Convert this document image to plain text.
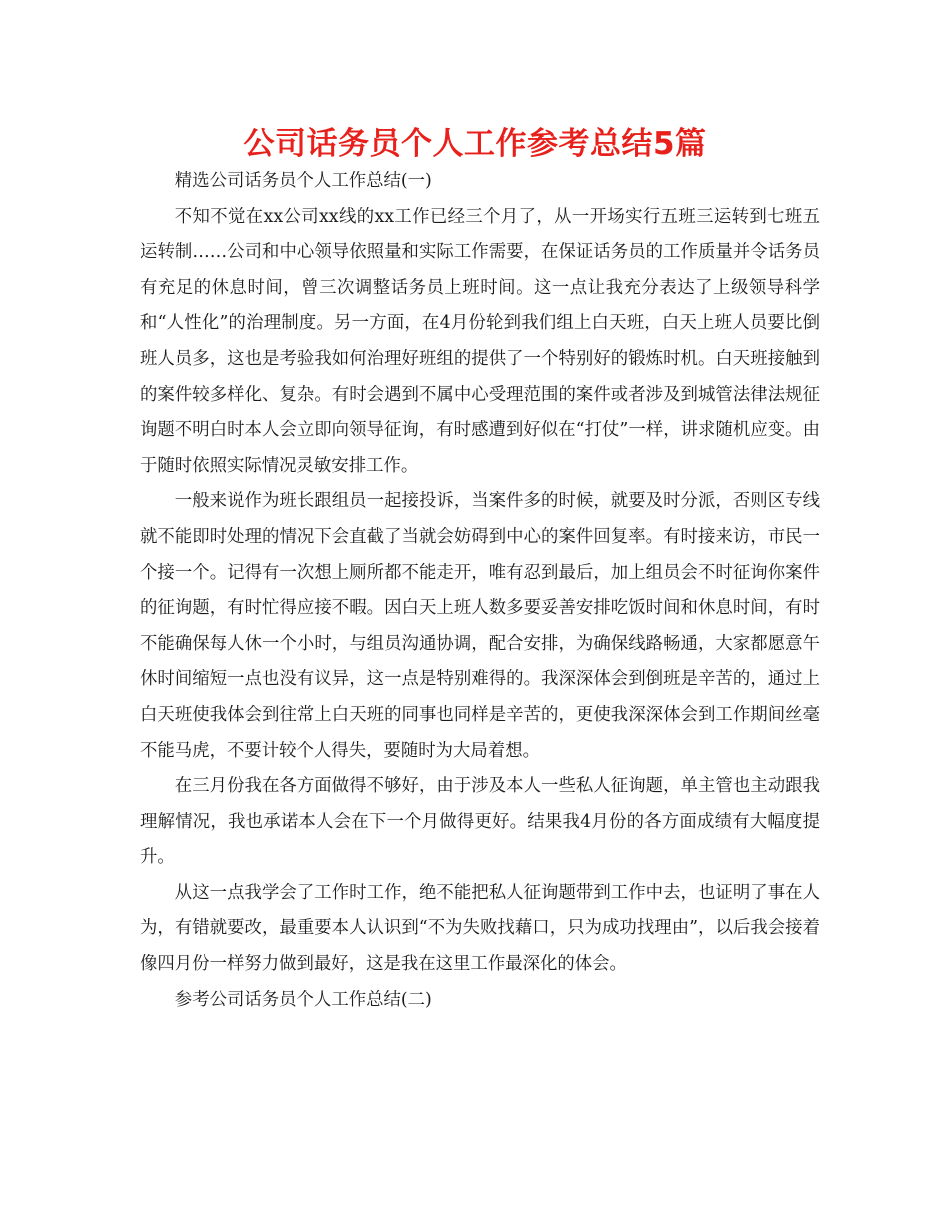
公司话务员个人工作参考总结5篇

精选公司话务员个人工作总结(一)

不知不觉在xx公司xx线的xx工作已经三个月了，从一开场实行五班三运转到七班五运转制……公司和中心领导依照量和实际工作需要，在保证话务员的工作质量并令话务员有充足的休息时间，曾三次调整话务员上班时间。这一点让我充分表达了上级领导科学和“人性化”的治理制度。另一方面，在4月份轮到我们组上白天班，白天上班人员要比倒班人员多，这也是考验我如何治理好班组的提供了一个特别好的锻炼时机。白天班接触到的案件较多样化、复杂。有时会遇到不属中心受理范围的案件或者涉及到城管法律法规征询题不明白时本人会立即向领导征询，有时感遭到好似在“打仗”一样，讲求随机应变。由于随时依照实际情况灵敏安排工作。

一般来说作为班长跟组员一起接投诉，当案件多的时候，就要及时分派，否则区专线就不能即时处理的情况下会直截了当就会妨碍到中心的案件回复率。有时接来访，市民一个接一个。记得有一次想上厕所都不能走开，唯有忍到最后，加上组员会不时征询你案件的征询题，有时忙得应接不暇。因白天上班人数多要妥善安排吃饭时间和休息时间，有时不能确保每人休一个小时，与组员沟通协调，配合安排，为确保线路畅通，大家都愿意午休时间缩短一点也没有议异，这一点是特别难得的。我深深体会到倒班是辛苦的，通过上白天班使我体会到往常上白天班的同事也同样是辛苦的，更使我深深体会到工作期间丝毫不能马虎，不要计较个人得失，要随时为大局着想。

在三月份我在各方面做得不够好，由于涉及本人一些私人征询题，单主管也主动跟我理解情况，我也承诺本人会在下一个月做得更好。结果我4月份的各方面成绩有大幅度提升。

从这一点我学会了工作时工作，绝不能把私人征询题带到工作中去，也证明了事在人为，有错就要改，最重要本人认识到“不为失败找藉口，只为成功找理由”，以后我会接着像四月份一样努力做到最好，这是我在这里工作最深化的体会。

参考公司话务员个人工作总结(二)
